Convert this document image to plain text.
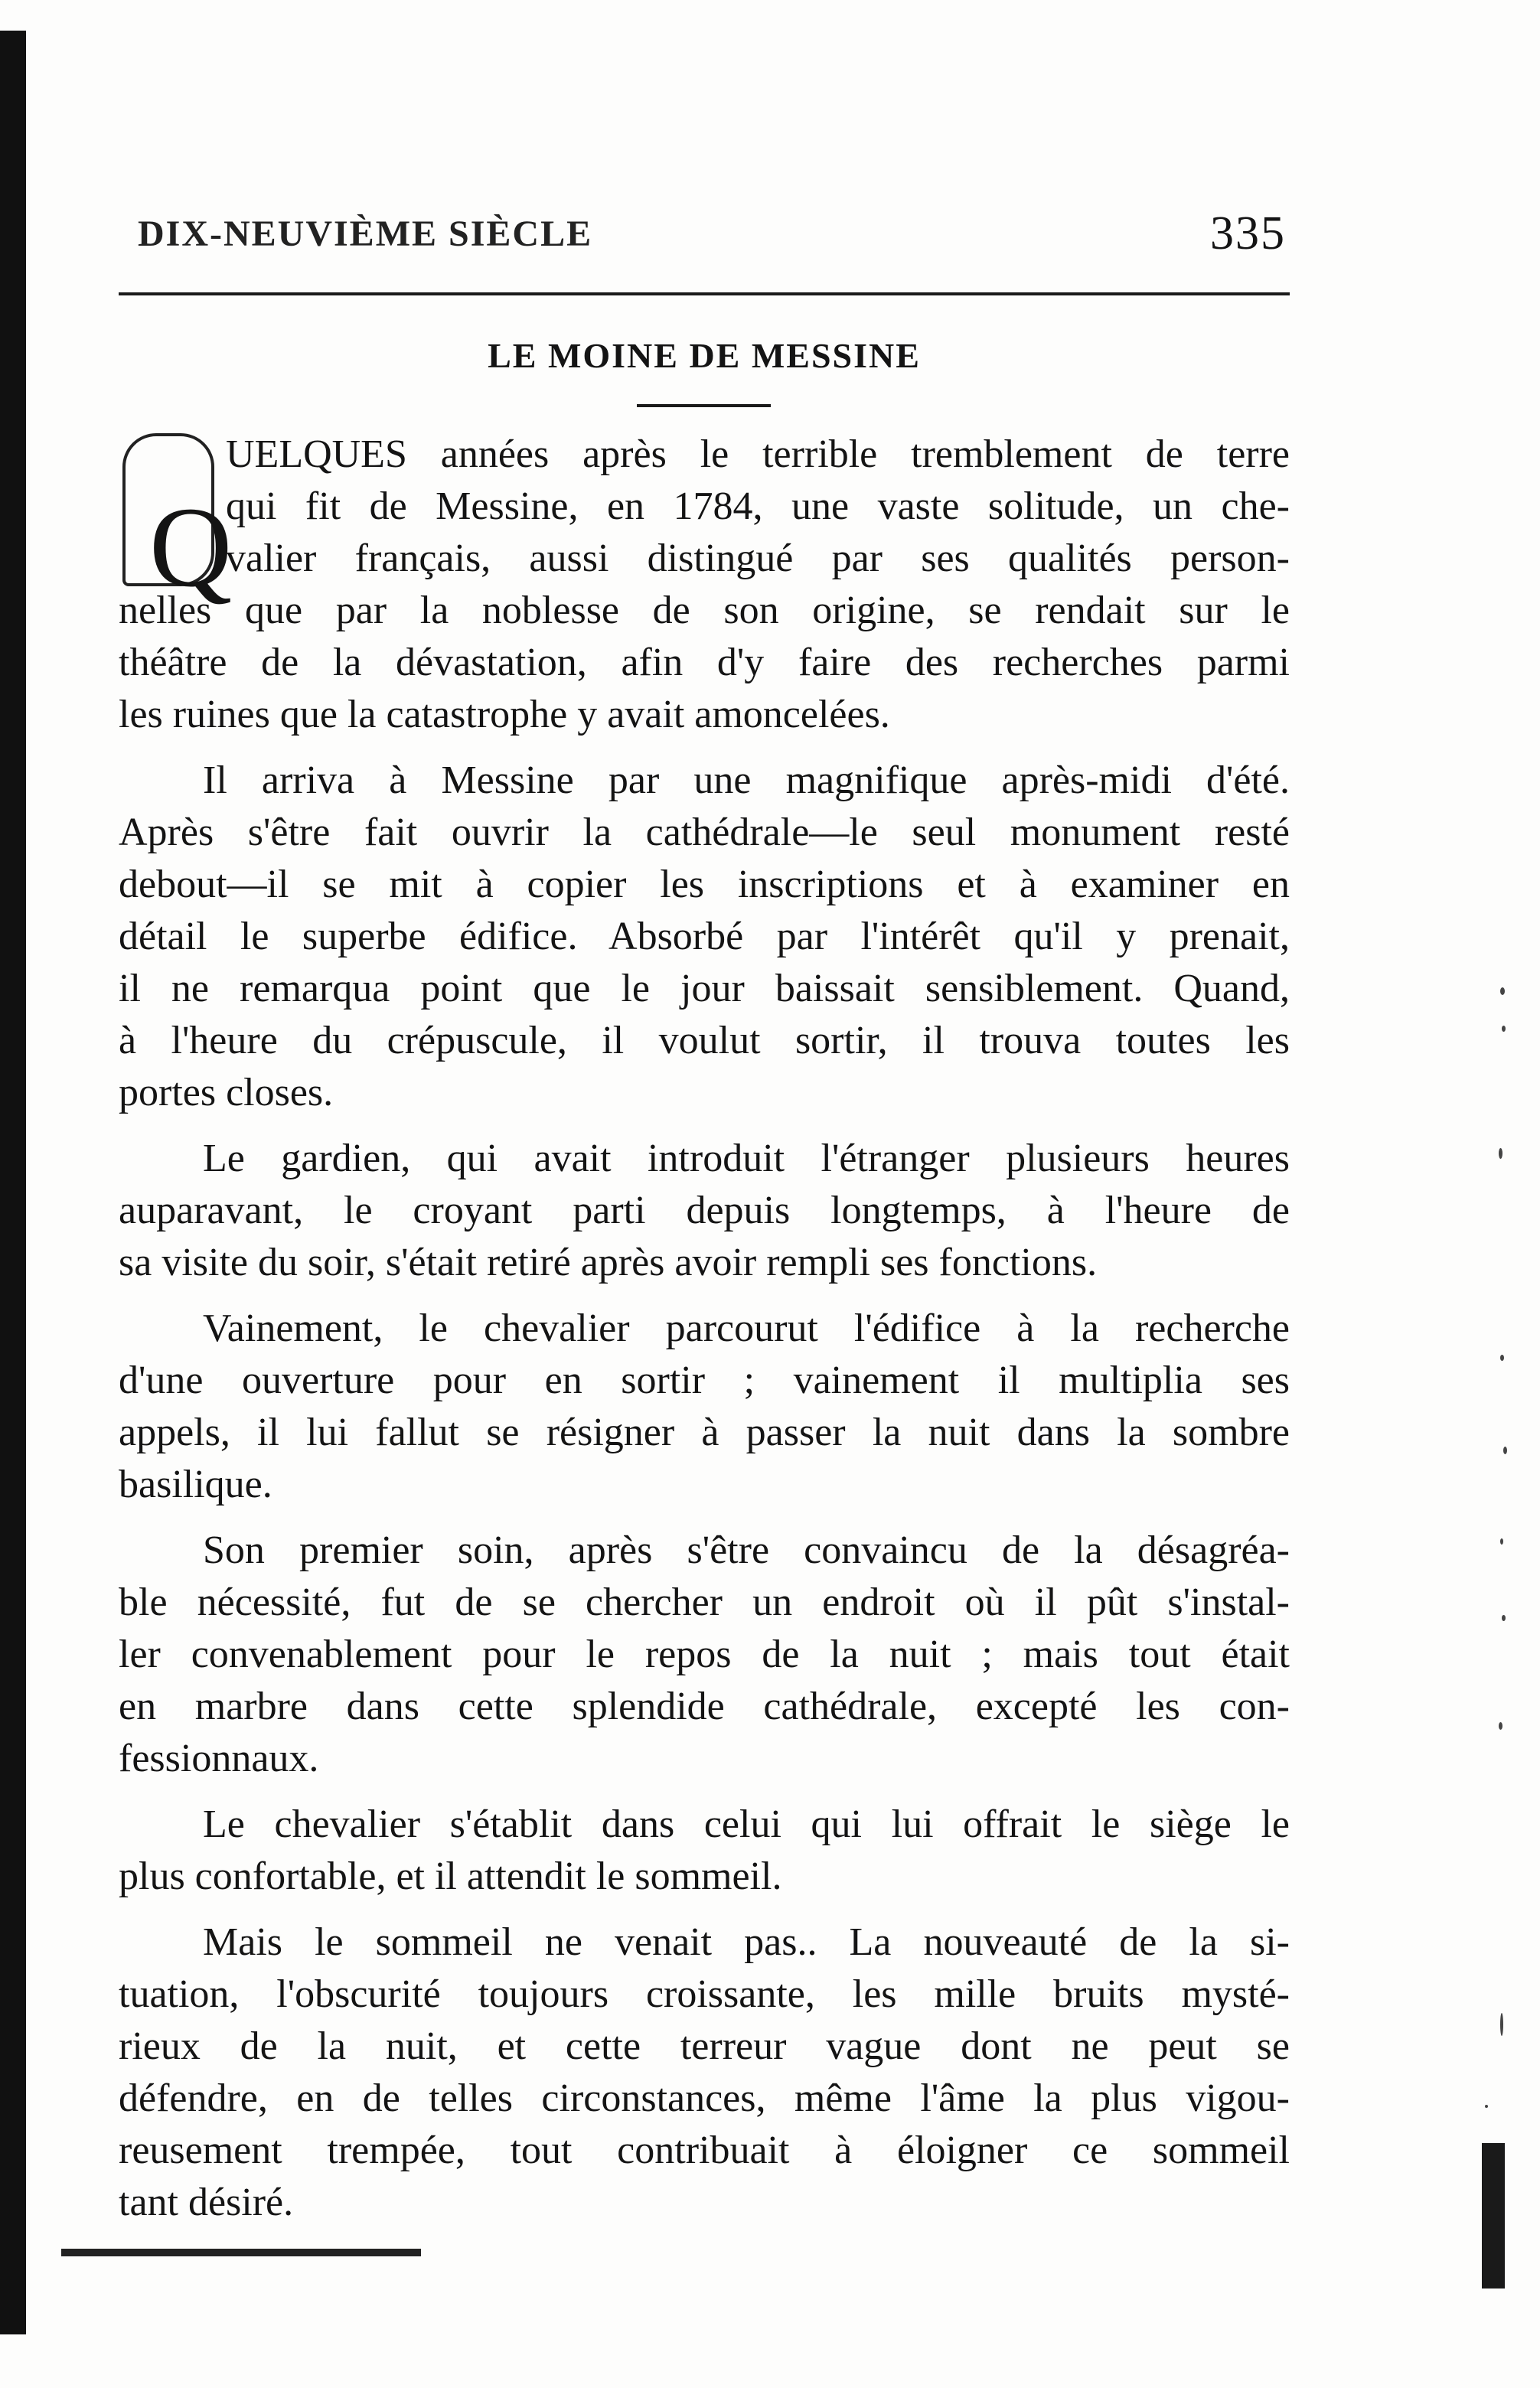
DIX-NEUVIÈME SIÈCLE	335
LE MOINE DE MESSINE
Q
UELQUES années après le terrible tremblement de terre
qui fit de Messine, en 1784, une vaste solitude, un che-
valier français, aussi distingué par ses qualités person-
nelles que par la noblesse de son origine, se rendait sur le
théâtre de la dévastation, afin d'y faire des recherches parmi
les ruines que la catastrophe y avait amoncelées.
Il arriva à Messine par une magnifique après-midi d'été.
Après s'être fait ouvrir la cathédrale—le seul monument resté
debout—il se mit à copier les inscriptions et à examiner en
détail le superbe édifice. Absorbé par l'intérêt qu'il y prenait,
il ne remarqua point que le jour baissait sensiblement. Quand,
à l'heure du crépuscule, il voulut sortir, il trouva toutes les
portes closes.
Le gardien, qui avait introduit l'étranger plusieurs heures
auparavant, le croyant parti depuis longtemps, à l'heure de
sa visite du soir, s'était retiré après avoir rempli ses fonctions.
Vainement, le chevalier parcourut l'édifice à la recherche
d'une ouverture pour en sortir ; vainement il multiplia ses
appels, il lui fallut se résigner à passer la nuit dans la sombre
basilique.
Son premier soin, après s'être convaincu de la désagréa-
ble nécessité, fut de se chercher un endroit où il pût s'instal-
ler convenablement pour le repos de la nuit ; mais tout était
en marbre dans cette splendide cathédrale, excepté les con-
fessionnaux.
Le chevalier s'établit dans celui qui lui offrait le siège le
plus confortable, et il attendit le sommeil.
Mais le sommeil ne venait pas.. La nouveauté de la si-
tuation, l'obscurité toujours croissante, les mille bruits mysté-
rieux de la nuit, et cette terreur vague dont ne peut se
défendre, en de telles circonstances, même l'âme la plus vigou-
reusement trempée, tout contribuait à éloigner ce sommeil
tant désiré.
